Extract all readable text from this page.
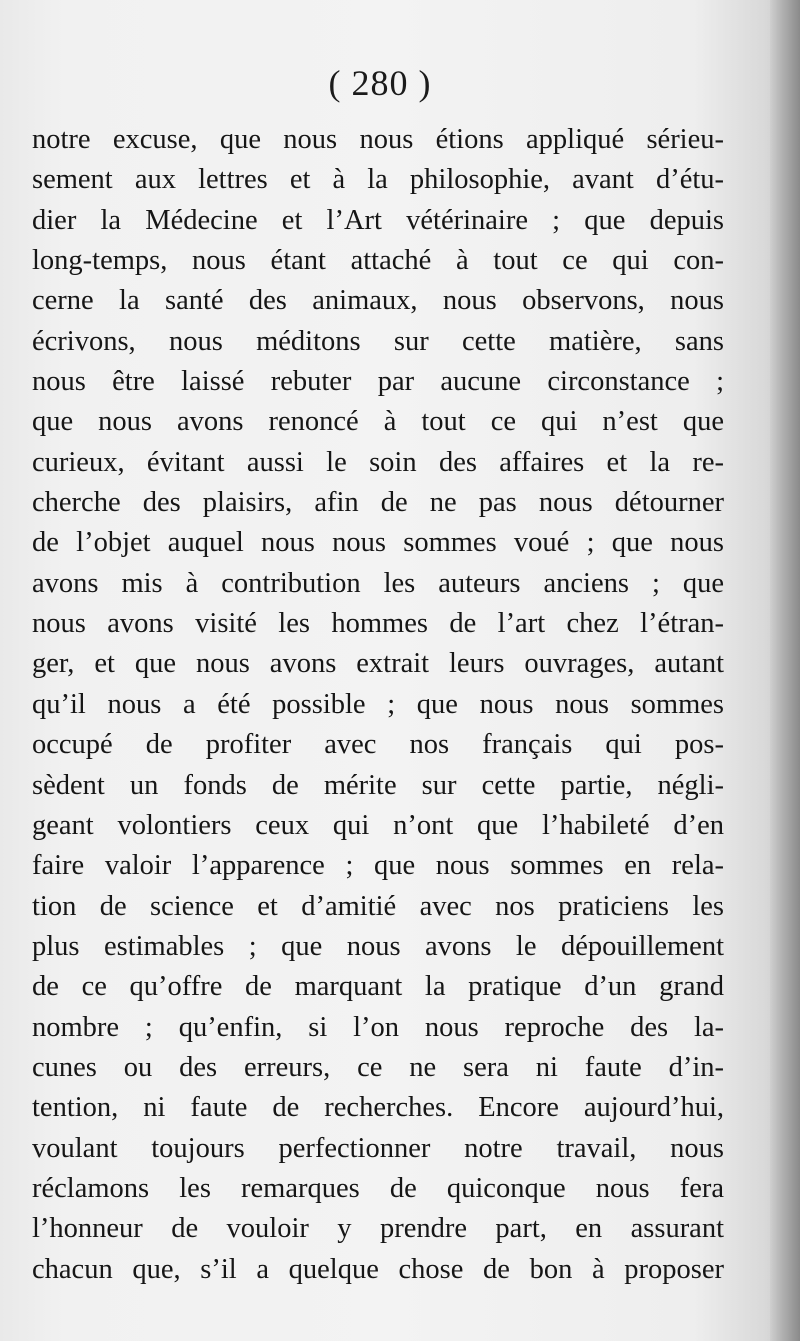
( 280 )
notre excuse, que nous nous étions appliqué sérieu-
sement aux lettres et à la philosophie, avant d’étu-
dier la Médecine et l’Art vétérinaire ; que depuis
long-temps, nous étant attaché à tout ce qui con-
cerne la santé des animaux, nous observons, nous
écrivons, nous méditons sur cette matière, sans
nous être laissé rebuter par aucune circonstance ;
que nous avons renoncé à tout ce qui n’est que
curieux, évitant aussi le soin des affaires et la re-
cherche des plaisirs, afin de ne pas nous détourner
de l’objet auquel nous nous sommes voué ; que nous
avons mis à contribution les auteurs anciens ; que
nous avons visité les hommes de l’art chez l’étran-
ger, et que nous avons extrait leurs ouvrages, autant
qu’il nous a été possible ; que nous nous sommes
occupé de profiter avec nos français qui pos-
sèdent un fonds de mérite sur cette partie, négli-
geant volontiers ceux qui n’ont que l’habileté d’en
faire valoir l’apparence ; que nous sommes en rela-
tion de science et d’amitié avec nos praticiens les
plus estimables ; que nous avons le dépouillement
de ce qu’offre de marquant la pratique d’un grand
nombre ; qu’enfin, si l’on nous reproche des la-
cunes ou des erreurs, ce ne sera ni faute d’in-
tention, ni faute de recherches. Encore aujourd’hui,
voulant toujours perfectionner notre travail, nous
réclamons les remarques de quiconque nous fera
l’honneur de vouloir y prendre part, en assurant
chacun que, s’il a quelque chose de bon à proposer
